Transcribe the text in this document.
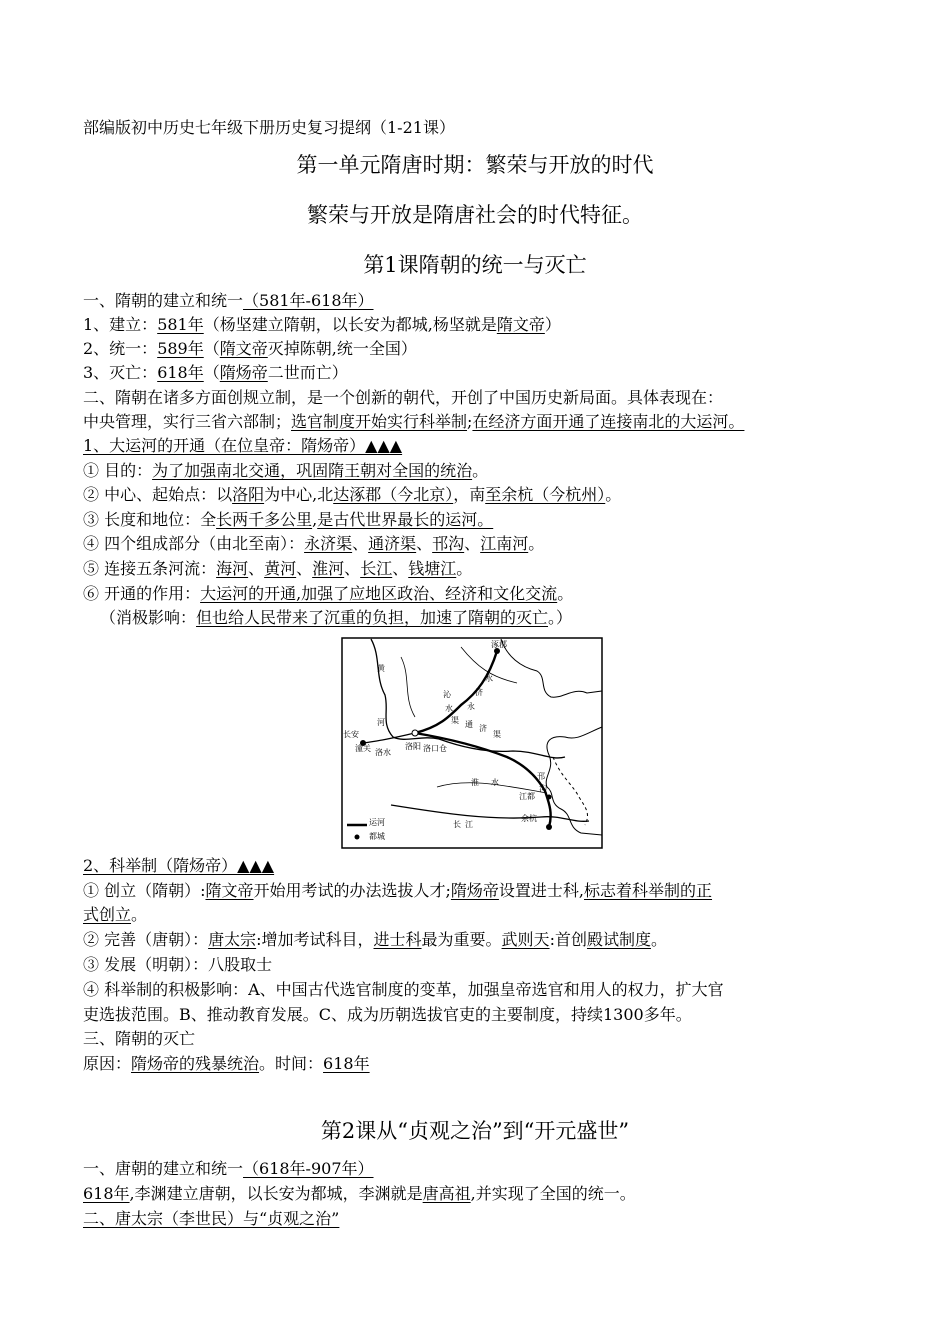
部编版初中历史七年级下册历史复习提纲（1-21课）
第一单元隋唐时期：繁荣与开放的时代
繁荣与开放是隋唐社会的时代特征。
第1课隋朝的统一与灭亡
一、隋朝的建立和统一（581年-618年）
1、建立：581年（杨坚建立隋朝，以长安为都城,杨坚就是隋文帝）
2、统一：589年（隋文帝灭掉陈朝,统一全国）
3、灭亡：618年（隋炀帝二世而亡）
二、隋朝在诸多方面创规立制，是一个创新的朝代，开创了中国历史新局面。具体表现在：
中央管理，实行三省六部制；选官制度开始实行科举制;在经济方面开通了连接南北的大运河。
1、大运河的开通（在位皇帝：隋炀帝）▲▲▲
① 目的：为了加强南北交通，巩固隋王朝对全国的统治。
② 中心、起始点：以洛阳为中心,北达涿郡（今北京），南至余杭（今杭州）。
③ 长度和地位：全长两千多公里,是古代世界最长的运河。
④ 四个组成部分（由北至南）：永济渠、通济渠、邗沟、江南河。
⑤ 连接五条河流：海河、黄河、淮河、长江、钱塘江。
⑥ 开通的作用：大运河的开通,加强了应地区政治、经济和文化交流。
（消极影响：但也给人民带来了沉重的负担，加速了隋朝的灭亡。）
涿郡
黄
河
水
济
永
沁
水
渠 通 济
渠
长安
潼关 洛水
洛阳 洛口仓
淮 水
邗
沟
江都
长 江
余杭
运河
都城
2、科举制（隋炀帝）▲▲▲
① 创立（隋朝）:隋文帝开始用考试的办法选拔人才;隋炀帝设置进士科,标志着科举制的正
式创立。
② 完善（唐朝）：唐太宗:增加考试科目，进士科最为重要。武则天:首创殿试制度。
③ 发展（明朝）：八股取士
④ 科举制的积极影响：A、中国古代选官制度的变革，加强皇帝选官和用人的权力，扩大官
吏选拔范围。B、推动教育发展。C、成为历朝选拔官吏的主要制度，持续1300多年。
三、隋朝的灭亡
原因：隋炀帝的残暴统治。时间：618年
第2课从“贞观之治”到“开元盛世”
一、唐朝的建立和统一（618年-907年）
618年,李渊建立唐朝，以长安为都城，李渊就是唐高祖,并实现了全国的统一。
二、唐太宗（李世民）与“贞观之治”
